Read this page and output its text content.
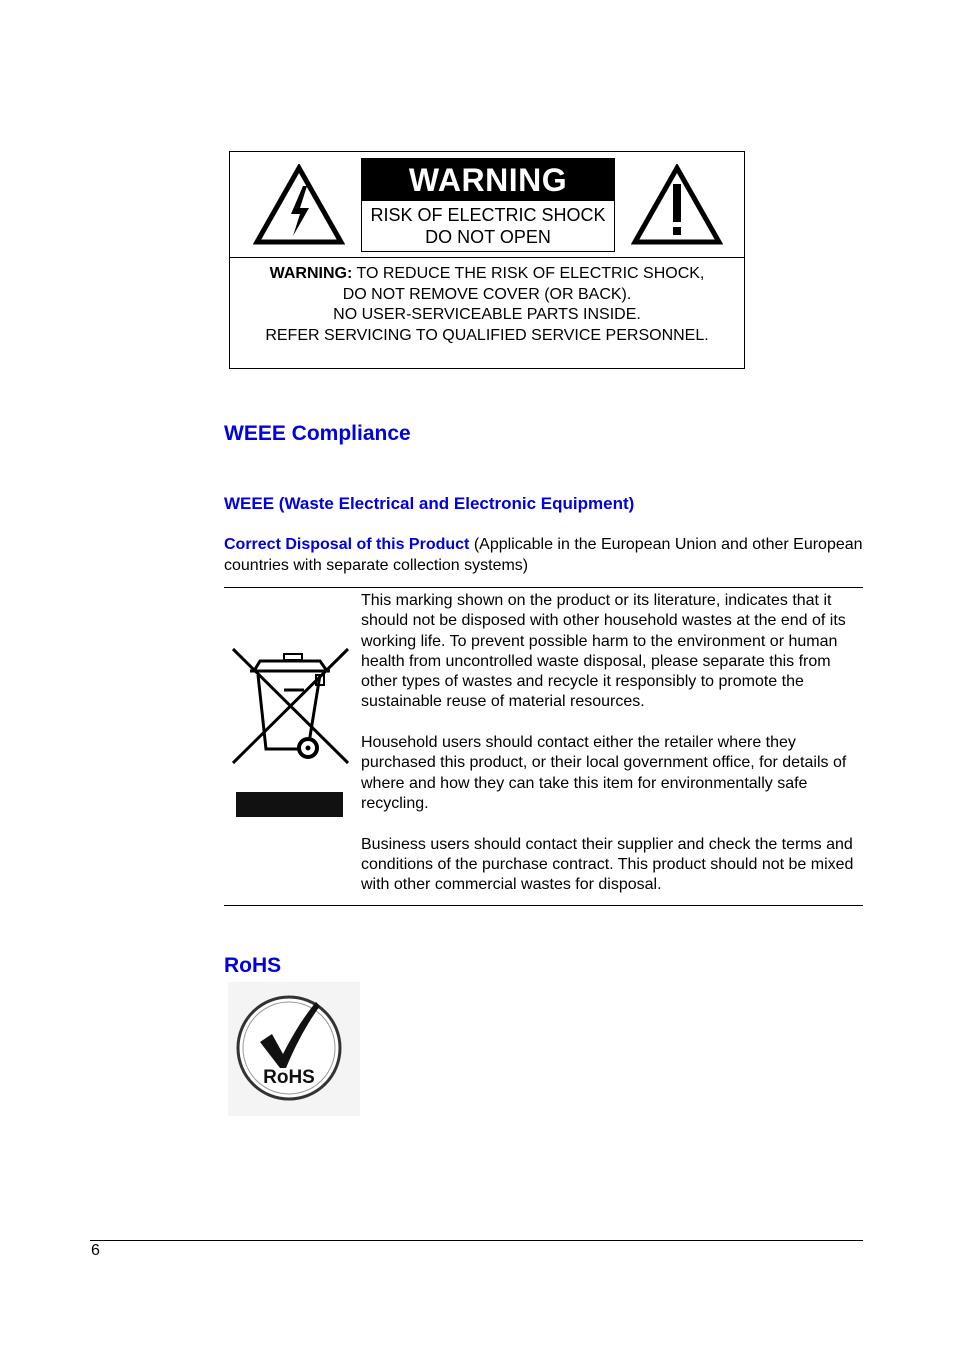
WARNING
RISK OF ELECTRIC SHOCK
DO NOT OPEN
WARNING: TO REDUCE THE RISK OF ELECTRIC SHOCK,
DO NOT REMOVE COVER (OR BACK).
NO USER-SERVICEABLE PARTS INSIDE.
REFER SERVICING TO QUALIFIED SERVICE PERSONNEL.
WEEE Compliance
WEEE (Waste Electrical and Electronic Equipment)

Correct Disposal of this Product (Applicable in the European Union and other European countries with separate collection systems)

This marking shown on the product or its literature, indicates that it should not be disposed with other household wastes at the end of its working life. To prevent possible harm to the environment or human health from uncontrolled waste disposal, please separate this from other types of wastes and recycle it responsibly to promote the sustainable reuse of material resources.

Household users should contact either the retailer where they purchased this product, or their local government office, for details of where and how they can take this item for environmentally safe recycling.

Business users should contact their supplier and check the terms and conditions of the purchase contract. This product should not be mixed with other commercial wastes for disposal.

RoHS
RoHS
6
